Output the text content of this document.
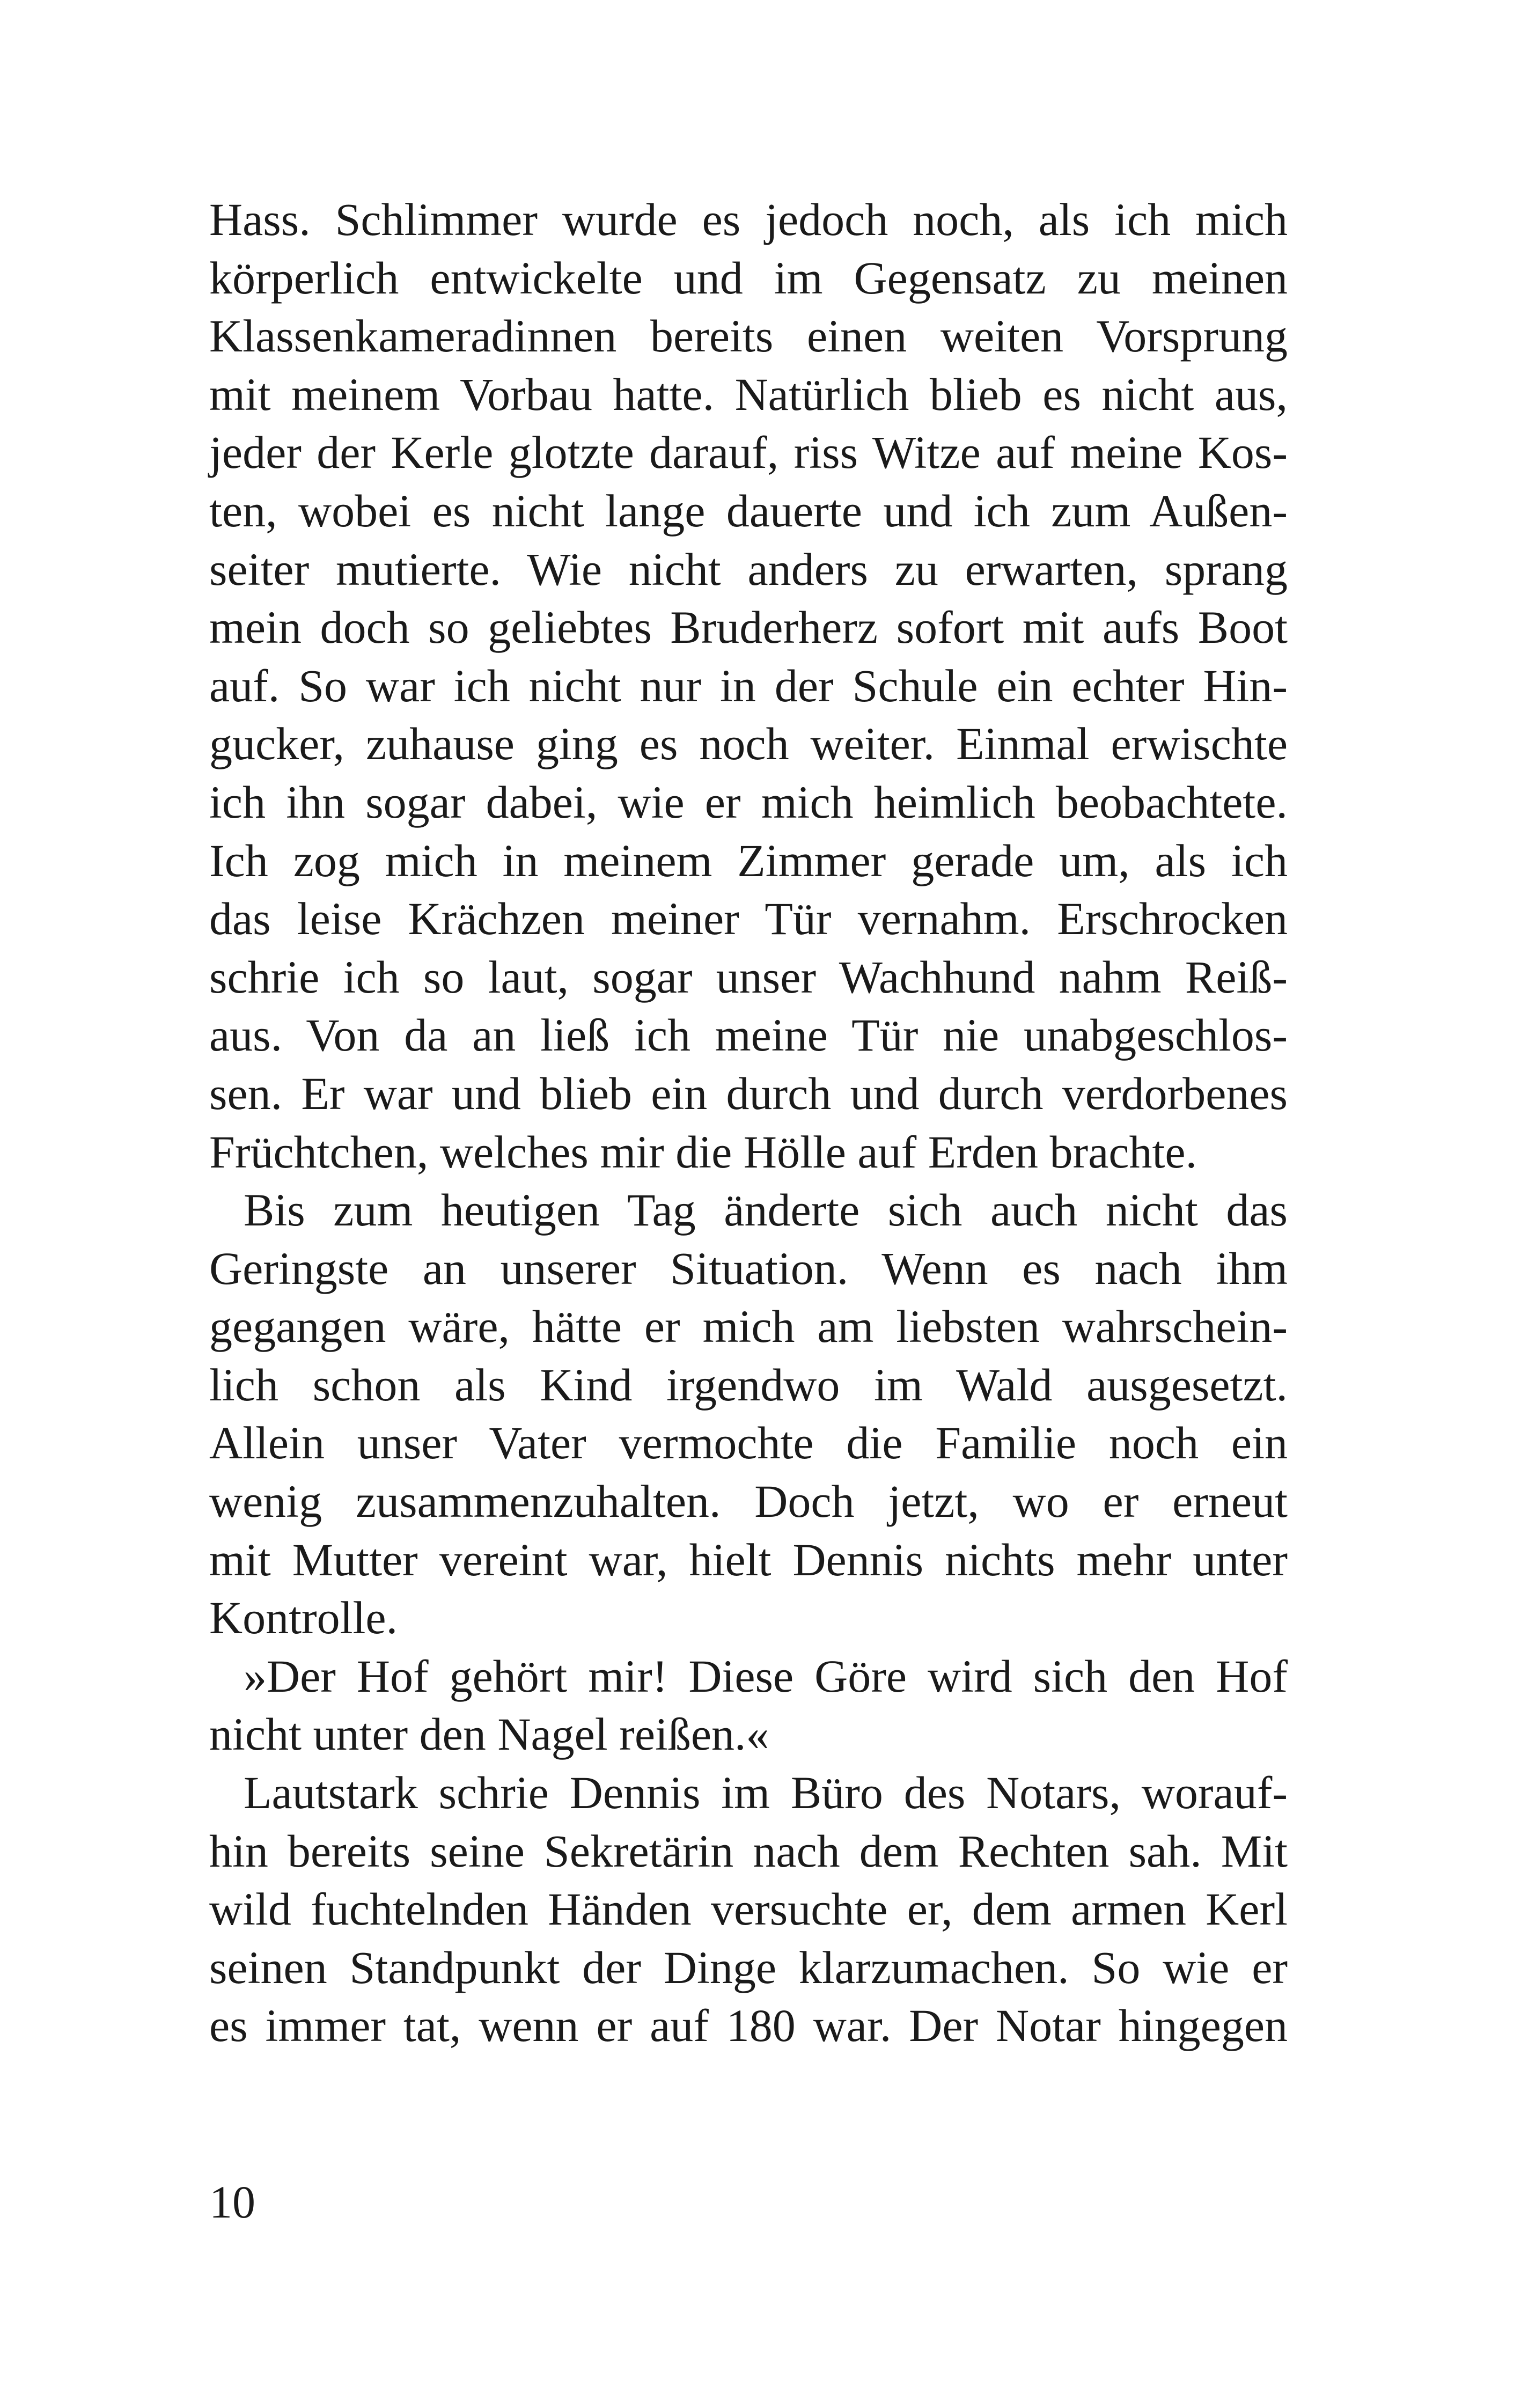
Hass. Schlimmer wurde es jedoch noch, als ich mich
körperlich entwickelte und im Gegensatz zu meinen
Klassenkameradinnen bereits einen weiten Vorsprung
mit meinem Vorbau hatte. Natürlich blieb es nicht aus,
jeder der Kerle glotzte darauf, riss Witze auf meine Kos-
ten, wobei es nicht lange dauerte und ich zum Außen-
seiter mutierte. Wie nicht anders zu erwarten, sprang
mein doch so geliebtes Bruderherz sofort mit aufs Boot
auf. So war ich nicht nur in der Schule ein echter Hin-
gucker, zuhause ging es noch weiter. Einmal erwischte
ich ihn sogar dabei, wie er mich heimlich beobachtete.
Ich zog mich in meinem Zimmer gerade um, als ich
das leise Krächzen meiner Tür vernahm. Erschrocken
schrie ich so laut, sogar unser Wachhund nahm Reiß-
aus. Von da an ließ ich meine Tür nie unabgeschlos-
sen. Er war und blieb ein durch und durch verdorbenes
Früchtchen, welches mir die Hölle auf Erden brachte.
Bis zum heutigen Tag änderte sich auch nicht das
Geringste an unserer Situation. Wenn es nach ihm
gegangen wäre, hätte er mich am liebsten wahrschein-
lich schon als Kind irgendwo im Wald ausgesetzt.
Allein unser Vater vermochte die Familie noch ein
wenig zusammenzuhalten. Doch jetzt, wo er erneut
mit Mutter vereint war, hielt Dennis nichts mehr unter
Kontrolle.
»Der Hof gehört mir! Diese Göre wird sich den Hof
nicht unter den Nagel reißen.«
Lautstark schrie Dennis im Büro des Notars, worauf-
hin bereits seine Sekretärin nach dem Rechten sah. Mit
wild fuchtelnden Händen versuchte er, dem armen Kerl
seinen Standpunkt der Dinge klarzumachen. So wie er
es immer tat, wenn er auf 180 war. Der Notar hingegen
10
